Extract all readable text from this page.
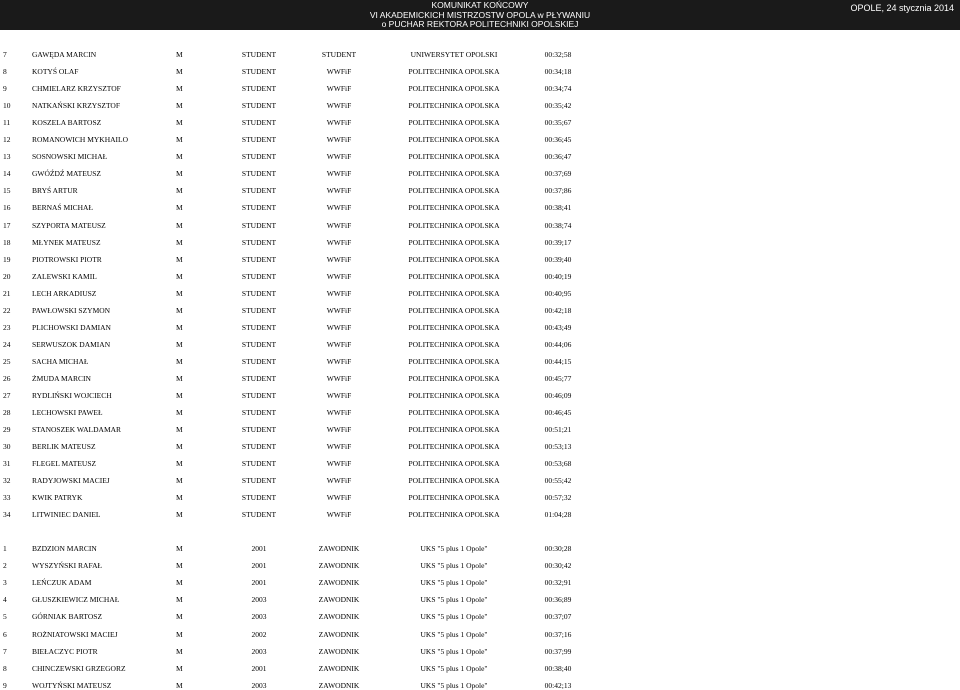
KOMUNIKAT KOŃCOWY
VI AKADEMICKICH MISTRZOSTW OPOLA w PŁYWANIU
o PUCHAR REKTORA POLITECHNIKI OPOLSKIEJ
OPOLE, 24 stycznia 2014
7	GAWĘDA MARCIN	M	STUDENT	STUDENT	UNIWERSYTET OPOLSKI	00:32;58
8	KOTYŚ OLAF	M	STUDENT	WWFiF	POLITECHNIKA OPOLSKA	00:34;18
9	CHMIELARZ KRZYSZTOF	M	STUDENT	WWFiF	POLITECHNIKA OPOLSKA	00:34;74
10	NATKAŃSKI KRZYSZTOF	M	STUDENT	WWFiF	POLITECHNIKA OPOLSKA	00:35;42
11	KOSZELA BARTOSZ	M	STUDENT	WWFiF	POLITECHNIKA OPOLSKA	00:35;67
12	ROMANOWICH MYKHAILO	M	STUDENT	WWFiF	POLITECHNIKA OPOLSKA	00:36;45
13	SOSNOWSKI MICHAŁ	M	STUDENT	WWFiF	POLITECHNIKA OPOLSKA	00:36;47
14	GWÓŹDŹ MATEUSZ	M	STUDENT	WWFiF	POLITECHNIKA OPOLSKA	00:37;69
15	BRYŚ ARTUR	M	STUDENT	WWFiF	POLITECHNIKA OPOLSKA	00:37;86
16	BERNAŚ MICHAŁ	M	STUDENT	WWFiF	POLITECHNIKA OPOLSKA	00:38;41
17	SZYPORTA MATEUSZ	M	STUDENT	WWFiF	POLITECHNIKA OPOLSKA	00:38;74
18	MŁYNEK MATEUSZ	M	STUDENT	WWFiF	POLITECHNIKA OPOLSKA	00:39;17
19	PIOTROWSKI PIOTR	M	STUDENT	WWFiF	POLITECHNIKA OPOLSKA	00:39;40
20	ZALEWSKI KAMIL	M	STUDENT	WWFiF	POLITECHNIKA OPOLSKA	00:40;19
21	LECH ARKADIUSZ	M	STUDENT	WWFiF	POLITECHNIKA OPOLSKA	00:40;95
22	PAWŁOWSKI SZYMON	M	STUDENT	WWFiF	POLITECHNIKA OPOLSKA	00:42;18
23	PLICHOWSKI DAMIAN	M	STUDENT	WWFiF	POLITECHNIKA OPOLSKA	00:43;49
24	SERWUSZOK DAMIAN	M	STUDENT	WWFiF	POLITECHNIKA OPOLSKA	00:44;06
25	SACHA MICHAŁ	M	STUDENT	WWFiF	POLITECHNIKA OPOLSKA	00:44;15
26	ŻMUDA MARCIN	M	STUDENT	WWFiF	POLITECHNIKA OPOLSKA	00:45;77
27	RYDLIŃSKI WOJCIECH	M	STUDENT	WWFiF	POLITECHNIKA OPOLSKA	00:46;09
28	LECHOWSKI PAWEŁ	M	STUDENT	WWFiF	POLITECHNIKA OPOLSKA	00:46;45
29	STANOSZEK WALDAMAR	M	STUDENT	WWFiF	POLITECHNIKA OPOLSKA	00:51;21
30	BERLIK MATEUSZ	M	STUDENT	WWFiF	POLITECHNIKA OPOLSKA	00:53;13
31	FLEGEL MATEUSZ	M	STUDENT	WWFiF	POLITECHNIKA OPOLSKA	00:53;68
32	RADYJOWSKI MACIEJ	M	STUDENT	WWFiF	POLITECHNIKA OPOLSKA	00:55;42
33	KWIK PATRYK	M	STUDENT	WWFiF	POLITECHNIKA OPOLSKA	00:57;32
34	LITWINIEC DANIEL	M	STUDENT	WWFiF	POLITECHNIKA OPOLSKA	01:04;28
1	BZDZION MARCIN	M	2001	ZAWODNIK	UKS "5 plus 1 Opole"	00:30;28
2	WYSZYŃSKI RAFAŁ	M	2001	ZAWODNIK	UKS "5 plus 1 Opole"	00:30;42
3	LEŃCZUK ADAM	M	2001	ZAWODNIK	UKS "5 plus 1 Opole"	00:32;91
4	GŁUSZKIEWICZ MICHAŁ	M	2003	ZAWODNIK	UKS "5 plus 1 Opole"	00:36;89
5	GÓRNIAK BARTOSZ	M	2003	ZAWODNIK	UKS "5 plus 1 Opole"	00:37;07
6	ROŻNIATOWSKI MACIEJ	M	2002	ZAWODNIK	UKS "5 plus 1 Opole"	00:37;16
7	BIEŁACZYC PIOTR	M	2003	ZAWODNIK	UKS "5 plus 1 Opole"	00:37;99
8	CHINCZEWSKI GRZEGORZ	M	2001	ZAWODNIK	UKS "5 plus 1 Opole"	00:38;40
9	WOJTYŃSKI MATEUSZ	M	2003	ZAWODNIK	UKS "5 plus 1 Opole"	00:42;13
